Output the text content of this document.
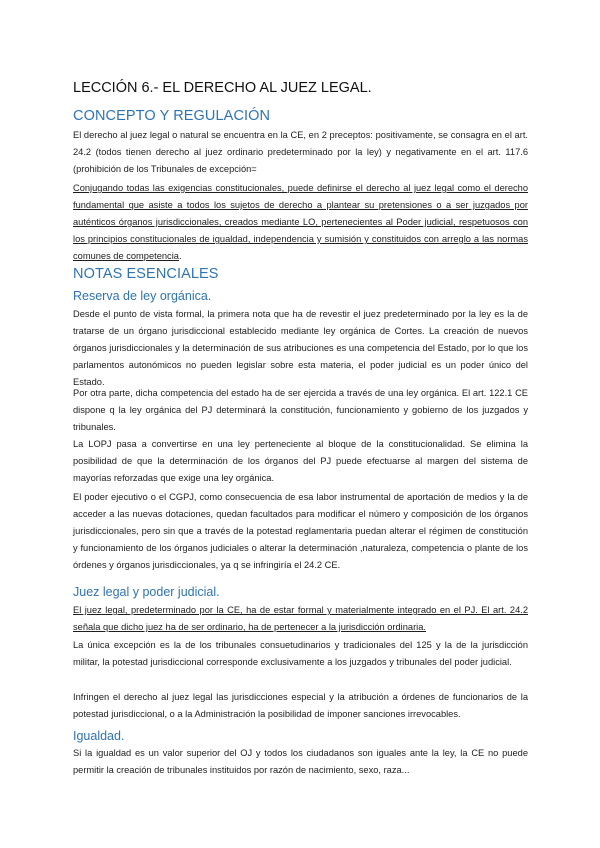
LECCIÓN 6.- EL DERECHO AL JUEZ LEGAL.
CONCEPTO Y REGULACIÓN

El derecho al juez legal o natural se encuentra en la CE, en 2 preceptos: positivamente, se consagra en el art. 24.2 (todos tienen derecho al juez ordinario predeterminado por la ley) y negativamente en el art. 117.6 (prohibición de los Tribunales de excepción=

Conjugando todas las exigencias constitucionales, puede definirse el derecho al juez legal como el derecho fundamental que asiste a todos los sujetos de derecho a plantear su pretensiones o a ser juzgados por auténticos órganos jurisdiccionales, creados mediante LO, pertenecientes al Poder judicial, respetuosos con los principios constitucionales de igualdad, independencia y sumisión y constituidos con arreglo a las normas comunes de competencia.

NOTAS ESENCIALES
Reserva de ley orgánica.

Desde el punto de vista formal, la primera nota que ha de revestir el juez predeterminado por la ley es la de tratarse de un órgano jurisdiccional establecido mediante ley orgánica de Cortes. La creación de nuevos órganos jurisdiccionales y la determinación de sus atribuciones es una competencia del Estado, por lo que los parlamentos autonómicos no pueden legislar sobre esta materia, el poder judicial es un poder único del Estado.

Por otra parte, dicha competencia del estado ha de ser ejercida a través de una ley orgánica. El art. 122.1 CE dispone q la ley orgánica del PJ determinará la constitución, funcionamiento y gobierno de los juzgados y tribunales.

La LOPJ pasa a convertirse en una ley perteneciente al bloque de la constitucionalidad. Se elimina la posibilidad de que la determinación de los órganos del PJ puede efectuarse al margen del sistema de mayorías reforzadas que exige una ley orgánica.

El poder ejecutivo o el CGPJ, como consecuencia de esa labor instrumental de aportación de medios y la de acceder a las nuevas dotaciones, quedan facultados para modificar el número y composición de los órganos jurisdiccionales, pero sin que a través de la potestad reglamentaria puedan alterar el régimen de constitución y funcionamiento de los órganos judiciales o alterar la determinación ,naturaleza, competencia o plante de los órdenes y órganos jurisdiccionales, ya q se infringiría el 24.2 CE.

Juez legal y poder judicial.

El juez legal, predeterminado por la CE, ha de estar formal y materialmente integrado en el PJ. El art. 24.2 señala que dicho juez ha de ser ordinario, ha de pertenecer a la jurisdicción ordinaria.

La única excepción es la de los tribunales consuetudinarios y tradicionales del 125 y la de la jurisdicción militar, la potestad jurisdiccional corresponde exclusivamente a los juzgados y tribunales del poder judicial.

Infringen el derecho al juez legal las jurisdicciones especial y la atribución a órdenes de funcionarios de la potestad jurisdiccional, o a la Administración la posibilidad de imponer sanciones irrevocables.

Igualdad.

Si la igualdad es un valor superior del OJ y todos los ciudadanos son iguales ante la ley, la CE no puede permitir la creación de tribunales instituidos por razón de nacimiento, sexo, raza...
